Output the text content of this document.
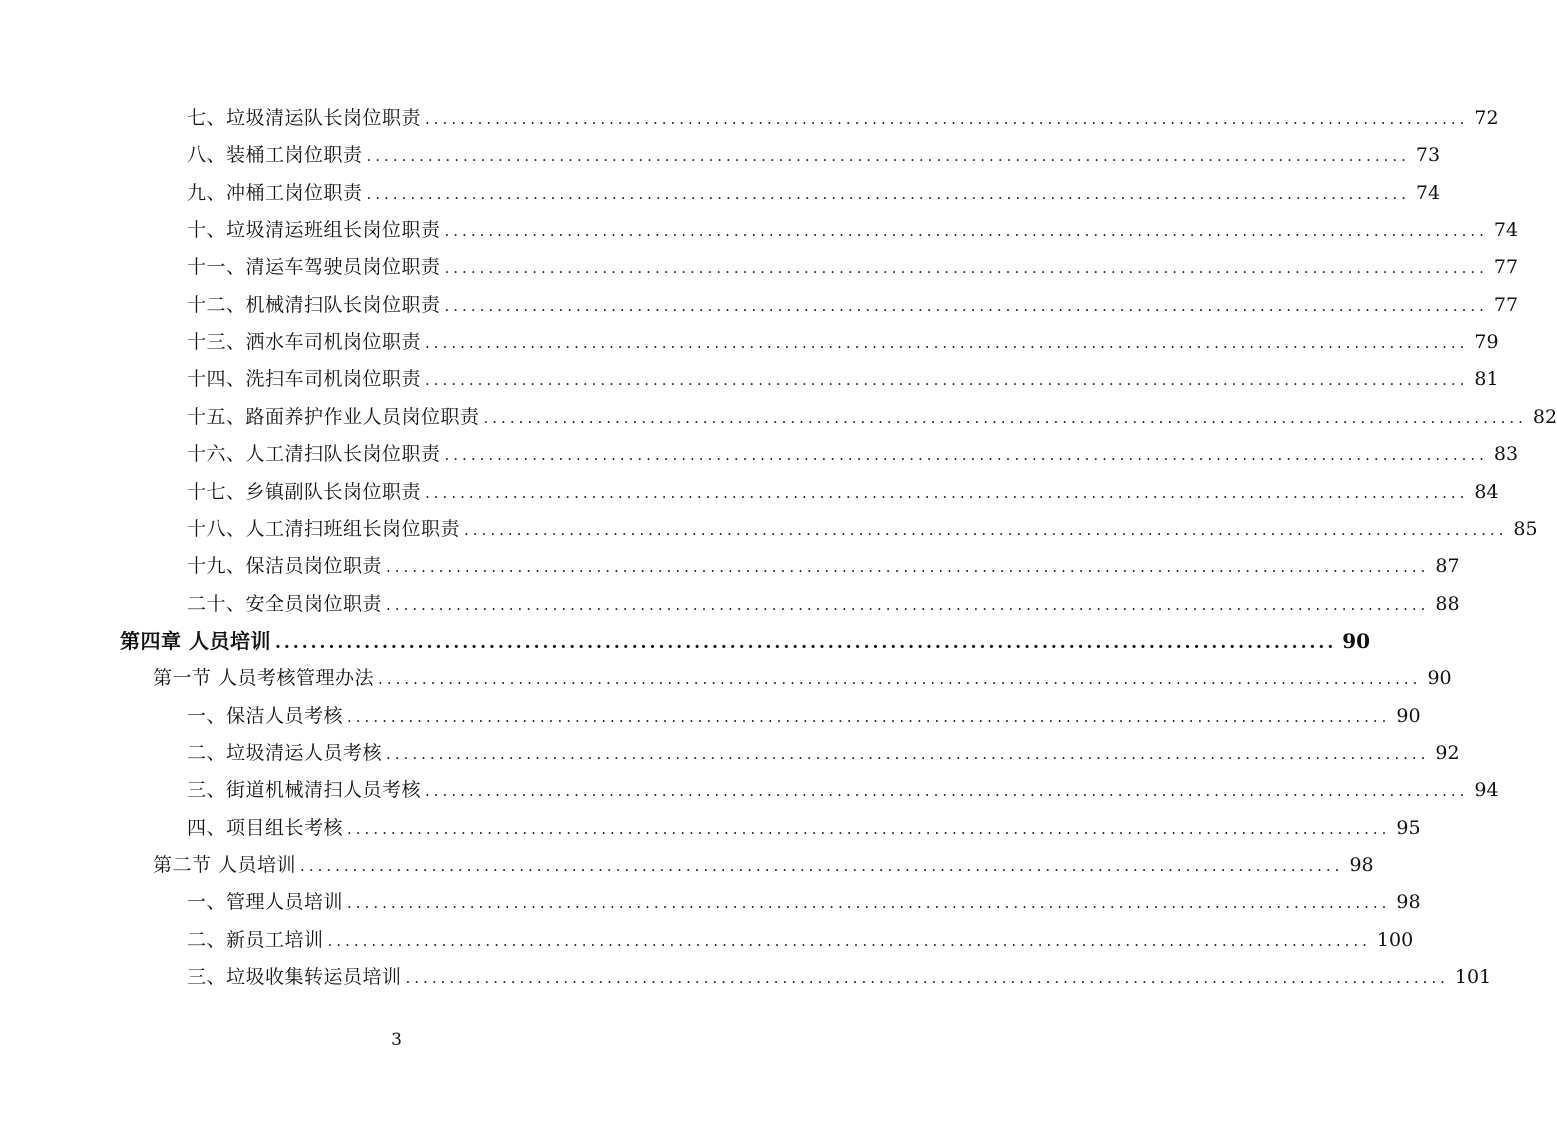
七、垃圾清运队长岗位职责 ....................................................................................................................... 72
八、装桶工岗位职责 ....................................................................................................................... 73
九、冲桶工岗位职责 ....................................................................................................................... 74
十、垃圾清运班组长岗位职责 ....................................................................................................................... 74
十一、清运车驾驶员岗位职责 ....................................................................................................................... 77
十二、机械清扫队长岗位职责 ....................................................................................................................... 77
十三、洒水车司机岗位职责 ....................................................................................................................... 79
十四、洗扫车司机岗位职责 ....................................................................................................................... 81
十五、路面养护作业人员岗位职责 ....................................................................................................................... 82
十六、人工清扫队长岗位职责 ....................................................................................................................... 83
十七、乡镇副队长岗位职责 ....................................................................................................................... 84
十八、人工清扫班组长岗位职责 ....................................................................................................................... 85
十九、保洁员岗位职责 ....................................................................................................................... 87
二十、安全员岗位职责 ....................................................................................................................... 88
第四章 人员培训 ....................................................................................................................... 90
第一节 人员考核管理办法 ....................................................................................................................... 90
一、保洁人员考核 ....................................................................................................................... 90
二、垃圾清运人员考核 ....................................................................................................................... 92
三、街道机械清扫人员考核 ....................................................................................................................... 94
四、项目组长考核 ....................................................................................................................... 95
第二节 人员培训 ....................................................................................................................... 98
一、管理人员培训 ....................................................................................................................... 98
二、新员工培训 ....................................................................................................................... 100
三、垃圾收集转运员培训 ....................................................................................................................... 101
3
